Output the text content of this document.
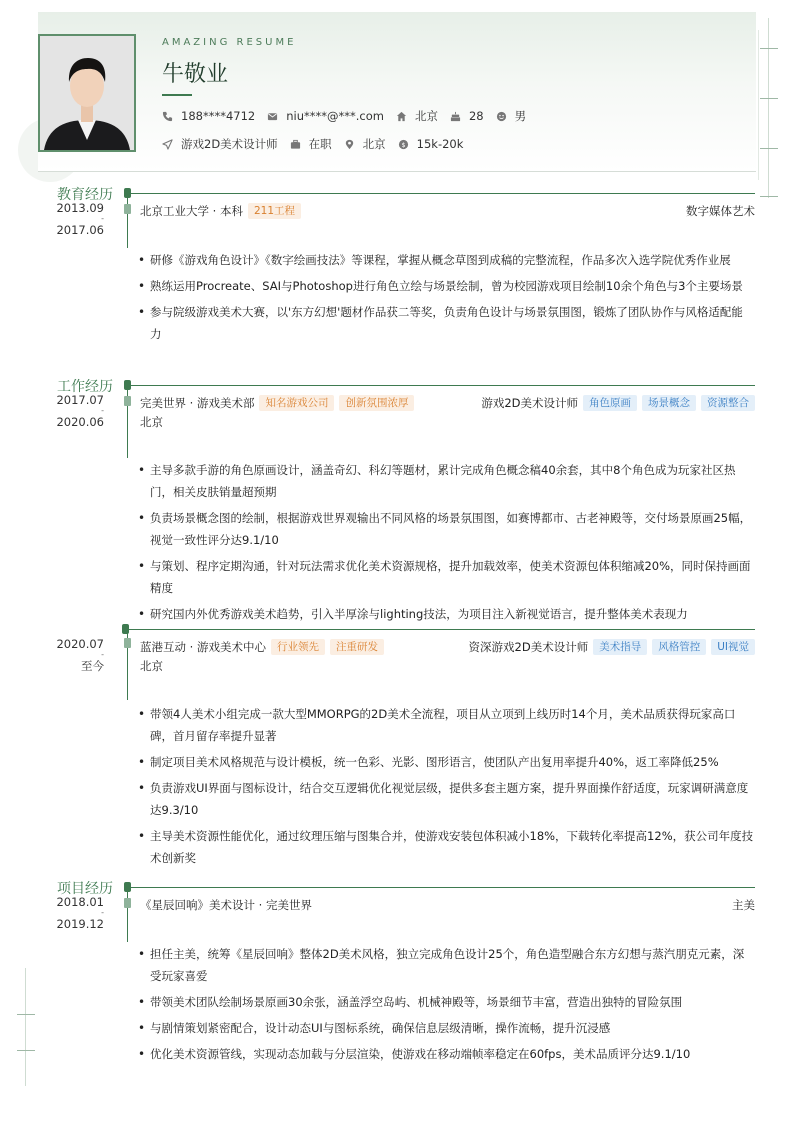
AMAZING RESUME
牛敬业
188****4712	niu****@***.com	北京	28	男
游戏2D美术设计师	在职	北京 $ 15k-20k
教育经历
2013.09
-
2017.06
北京工业大学 · 本科	211工程	数字媒体艺术
• 研修《游戏角色设计》《数字绘画技法》等课程，掌握从概念草图到成稿的完整流程，作品多次入选学院优秀作业展
• 熟练运用Procreate、SAI与Photoshop进行角色立绘与场景绘制，曾为校园游戏项目绘制10余个角色与3个主要场景
• 参与院级游戏美术大赛，以'东方幻想'题材作品获二等奖，负责角色设计与场景氛围图，锻炼了团队协作与风格适配能力
工作经历
2017.07
-
2020.06
完美世界 · 游戏美术部	知名游戏公司	创新氛围浓厚	游戏2D美术设计师	角色原画	场景概念	资源整合
北京
• 主导多款手游的角色原画设计，涵盖奇幻、科幻等题材，累计完成角色概念稿40余套，其中8个角色成为玩家社区热门，相关皮肤销量超预期
• 负责场景概念图的绘制，根据游戏世界观输出不同风格的场景氛围图，如赛博都市、古老神殿等，交付场景原画25幅，视觉一致性评分达9.1/10
• 与策划、程序定期沟通，针对玩法需求优化美术资源规格，提升加载效率，使美术资源包体积缩减20%，同时保持画面精度
• 研究国内外优秀游戏美术趋势，引入半厚涂与lighting技法，为项目注入新视觉语言，提升整体美术表现力
2020.07
-
至今
蓝港互动 · 游戏美术中心	行业领先	注重研发	资深游戏2D美术设计师	美术指导	风格管控	UI视觉
北京
• 带领4人美术小组完成一款大型MMORPG的2D美术全流程，项目从立项到上线历时14个月，美术品质获得玩家高口碑，首月留存率提升显著
• 制定项目美术风格规范与设计模板，统一色彩、光影、图形语言，使团队产出复用率提升40%，返工率降低25%
• 负责游戏UI界面与图标设计，结合交互逻辑优化视觉层级，提供多套主题方案，提升界面操作舒适度，玩家调研满意度达9.3/10
• 主导美术资源性能优化，通过纹理压缩与图集合并，使游戏安装包体积减小18%，下载转化率提高12%，获公司年度技术创新奖
项目经历
2018.01
-
2019.12
《星辰回响》美术设计 · 完美世界	主美
• 担任主美，统筹《星辰回响》整体2D美术风格，独立完成角色设计25个，角色造型融合东方幻想与蒸汽朋克元素，深受玩家喜爱
• 带领美术团队绘制场景原画30余张，涵盖浮空岛屿、机械神殿等，场景细节丰富，营造出独特的冒险氛围
• 与剧情策划紧密配合，设计动态UI与图标系统，确保信息层级清晰，操作流畅，提升沉浸感
• 优化美术资源管线，实现动态加载与分层渲染，使游戏在移动端帧率稳定在60fps，美术品质评分达9.1/10
